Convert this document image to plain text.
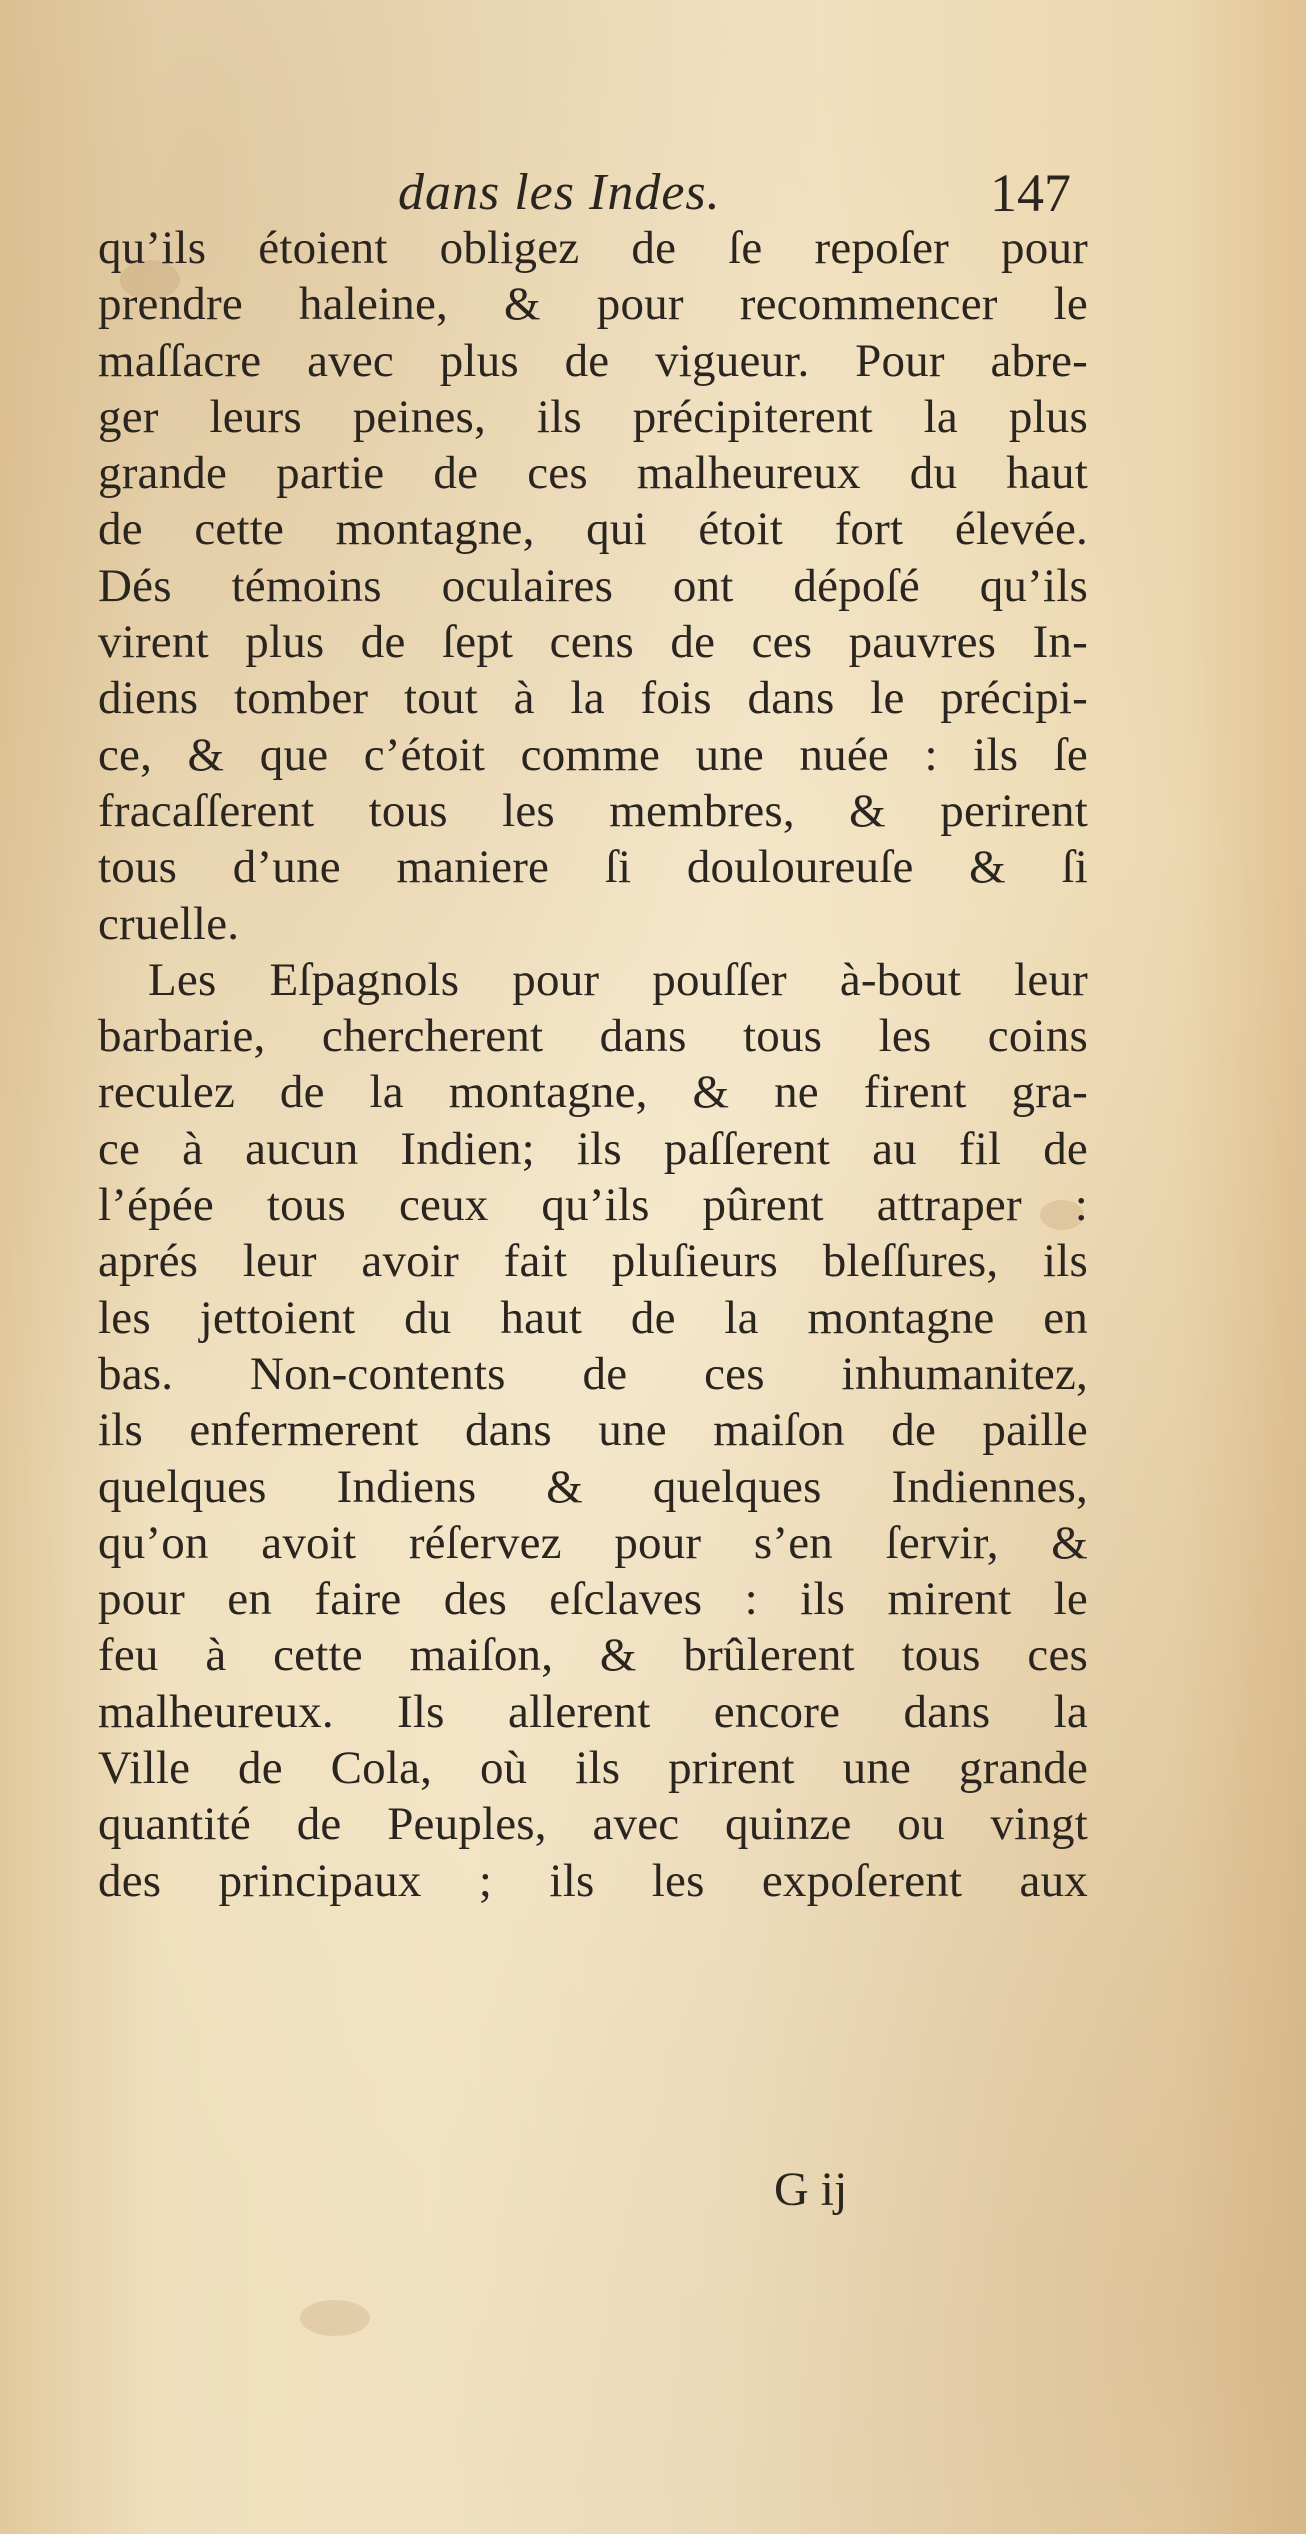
dans les Indes.	147
qu’ils étoient obligez de ſe repoſer pour
prendre haleine, & pour recommencer le
maſſacre avec plus de vigueur. Pour abre-
ger leurs peines, ils précipiterent la plus
grande partie de ces malheureux du haut
de cette montagne, qui étoit fort élevée.
Dés témoins oculaires ont dépoſé qu’ils
virent plus de ſept cens de ces pauvres In-
diens tomber tout à la fois dans le précipi-
ce, & que c’étoit comme une nuée : ils ſe
fracaſſerent tous les membres, & perirent
tous d’une maniere ſi douloureuſe & ſi
cruelle.
Les Eſpagnols pour pouſſer à-bout leur
barbarie, chercherent dans tous les coins
reculez de la montagne, & ne firent gra-
ce à aucun Indien; ils paſſerent au fil de
l’épée tous ceux qu’ils pûrent attraper :
aprés leur avoir fait pluſieurs bleſſures, ils
les jettoient du haut de la montagne en
bas. Non-contents de ces inhumanitez,
ils enfermerent dans une maiſon de paille
quelques Indiens & quelques Indiennes,
qu’on avoit réſervez pour s’en ſervir, &
pour en faire des eſclaves : ils mirent le
feu à cette maiſon, & brûlerent tous ces
malheureux. Ils allerent encore dans la
Ville de Cola, où ils prirent une grande
quantité de Peuples, avec quinze ou vingt
des principaux ; ils les expoſerent aux
G ij
